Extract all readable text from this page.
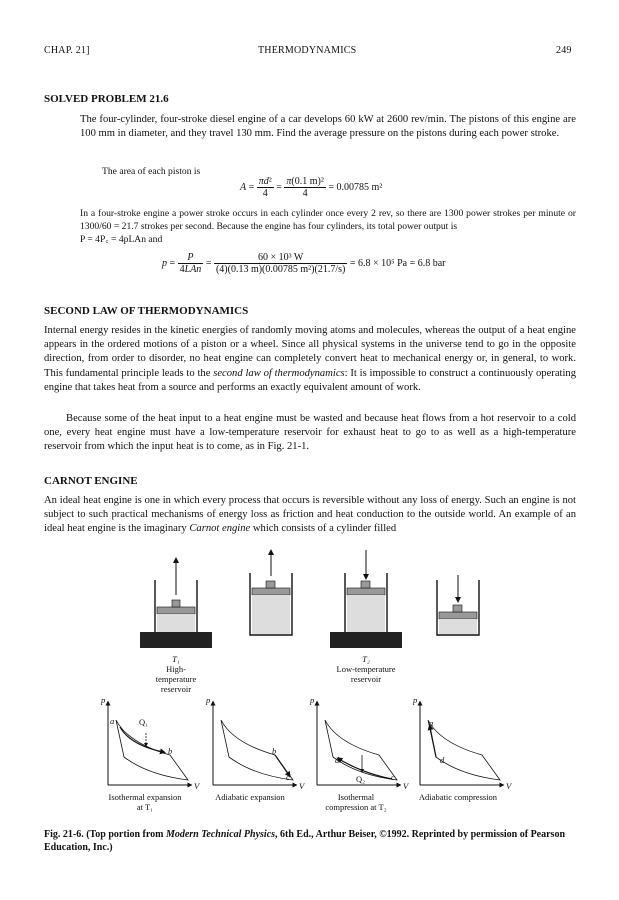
CHAP. 21]	THERMODYNAMICS	249
SOLVED PROBLEM 21.6
The four-cylinder, four-stroke diesel engine of a car develops 60 kW at 2600 rev/min. The pistons of this engine are 100 mm in diameter, and they travel 130 mm. Find the average pressure on the pistons during each power stroke.
The area of each piston is
$A = \frac{\text{πd²}}{4} = \frac{\text{π(0.1 m)²}}{4} = 0.00785$ m²
In a four-stroke engine a power stroke occurs in each cylinder once every 2 rev, so there are 1300 power strokes per minute or 1300/60 = 21.7 strokes per second. Because the engine has four cylinders, its total power output is
P = 4P꜀ = 4pLAn and
$p = \frac{P}{\text{4LAn}} = \frac{\text{60 × 10³ W}}{\text{(4)(0.13 m)(0.00785 m²)(21.7/s)}} = 6.8 \times 10^5$ Pa = 6.8 bar
SECOND LAW OF THERMODYNAMICS
Internal energy resides in the kinetic energies of randomly moving atoms and molecules, whereas the output of a heat engine appears in the ordered motions of a piston or a wheel. Since all physical systems in the universe tend to go in the opposite direction, from order to disorder, no heat engine can completely convert heat to mechanical energy or, in general, to work. This fundamental principle leads to the second law of thermodynamics: It is impossible to construct a continuously operating engine that takes heat from a source and performs an exactly equivalent amount of work.
Because some of the heat input to a heat engine must be wasted and because heat flows from a hot reservoir to a cold one, every heat engine must have a low-temperature reservoir for exhaust heat to go to as well as a high-temperature reservoir from which the input heat is to come, as in Fig. 21-1.
CARNOT ENGINE
An ideal heat engine is one in which every process that occurs is reversible without any loss of energy. Such an engine is not subject to such practical mechanisms of energy loss as friction and heat conduction to the outside world. An example of an ideal heat engine is the imaginary Carnot engine which consists of a cylinder filled
T₁
High-temperature reservoir
T₂
Low-temperature reservoir
p	p	p	p
V	V	V	V
a	Q₁
b	b
c
d
c
Q₂
a
d
Isothermal expansion at T₁
Adiabatic expansion	Isothermal compression at T₂
Adiabatic compression
Fig. 21-6. (Top portion from Modern Technical Physics, 6th Ed., Arthur Beiser, ©1992. Reprinted by permission of Pearson Education, Inc.)
